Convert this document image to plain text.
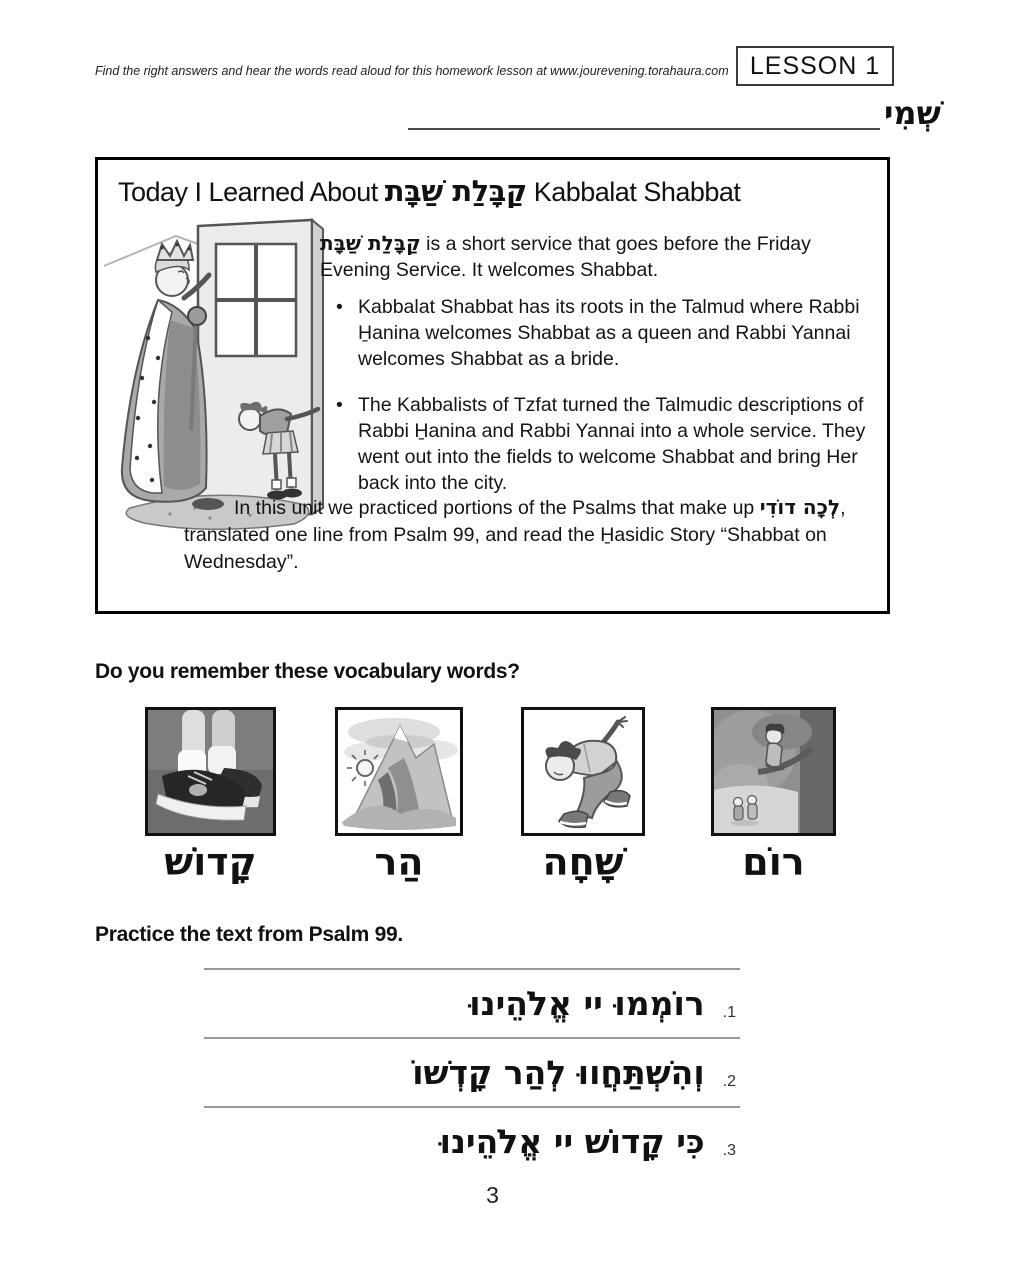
Find the right answers and hear the words read aloud for this homework lesson at www.jourevening.torahaura.com LESSON 1
שְׁמִי
Today I Learned About קַבָּלַת שַׁבָּת Kabbalat Shabbat

קַבָּלַת שַׁבָּת is a short service that goes before the Friday Evening Service. It welcomes Shabbat.

• Kabbalat Shabbat has its roots in the Talmud where Rabbi H̱anina welcomes Shabbat as a queen and Rabbi Yannai welcomes Shabbat as a bride.
• The Kabbalists of Tzfat turned the Talmudic descriptions of Rabbi H̱anina and Rabbi Yannai into a whole service. They went out into the fields to welcome Shabbat and bring Her back into the city.

In this unit we practiced portions of the Psalms that make up לְכָה דוֹדִי, translated one line from Psalm 99, and read the H̱asidic Story “Shabbat on Wednesday”.

Do you remember these vocabulary words?
קָדוֹשׁ	הַר	שָׁחָה	רוֹם
Practice the text from Psalm 99.
רוֹמְמוּ יי אֱלֹהֵינוּ .1
וְהִשְׁתַּחֲווּ לְהַר קָדְשׁוֹ .2
כִּי קָדוֹשׁ יי אֱלֹהֵינוּ .3
3
